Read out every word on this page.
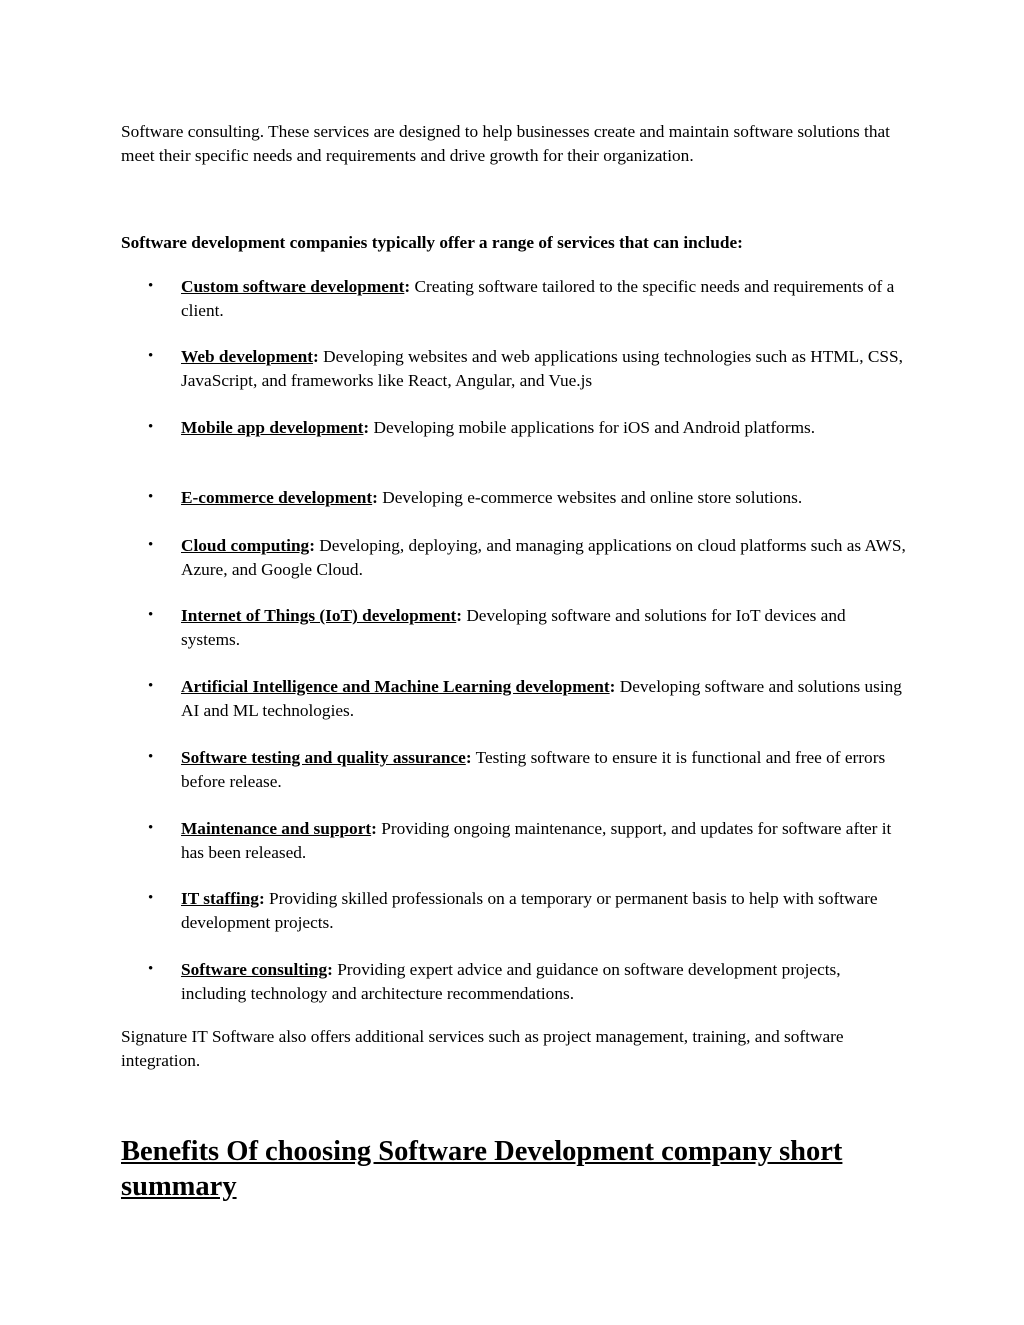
Software consulting. These services are designed to help businesses create and maintain software solutions that meet their specific needs and requirements and drive growth for their organization.

Software development companies typically offer a range of services that can include:

•	Custom software development: Creating software tailored to the specific needs and requirements of a client.
•	Web development: Developing websites and web applications using technologies such as HTML, CSS, JavaScript, and frameworks like React, Angular, and Vue.js
•	Mobile app development: Developing mobile applications for iOS and Android platforms.
•	E-commerce development: Developing e-commerce websites and online store solutions.
•	Cloud computing: Developing, deploying, and managing applications on cloud platforms such as AWS, Azure, and Google Cloud.
•	Internet of Things (IoT) development: Developing software and solutions for IoT devices and systems.
•	Artificial Intelligence and Machine Learning development: Developing software and solutions using AI and ML technologies.
•	Software testing and quality assurance: Testing software to ensure it is functional and free of errors before release.
•	Maintenance and support: Providing ongoing maintenance, support, and updates for software after it has been released.
•	IT staffing: Providing skilled professionals on a temporary or permanent basis to help with software development projects.
•	Software consulting: Providing expert advice and guidance on software development projects, including technology and architecture recommendations.

Signature IT Software also offers additional services such as project management, training, and software integration.

Benefits Of choosing Software Development company short summary
